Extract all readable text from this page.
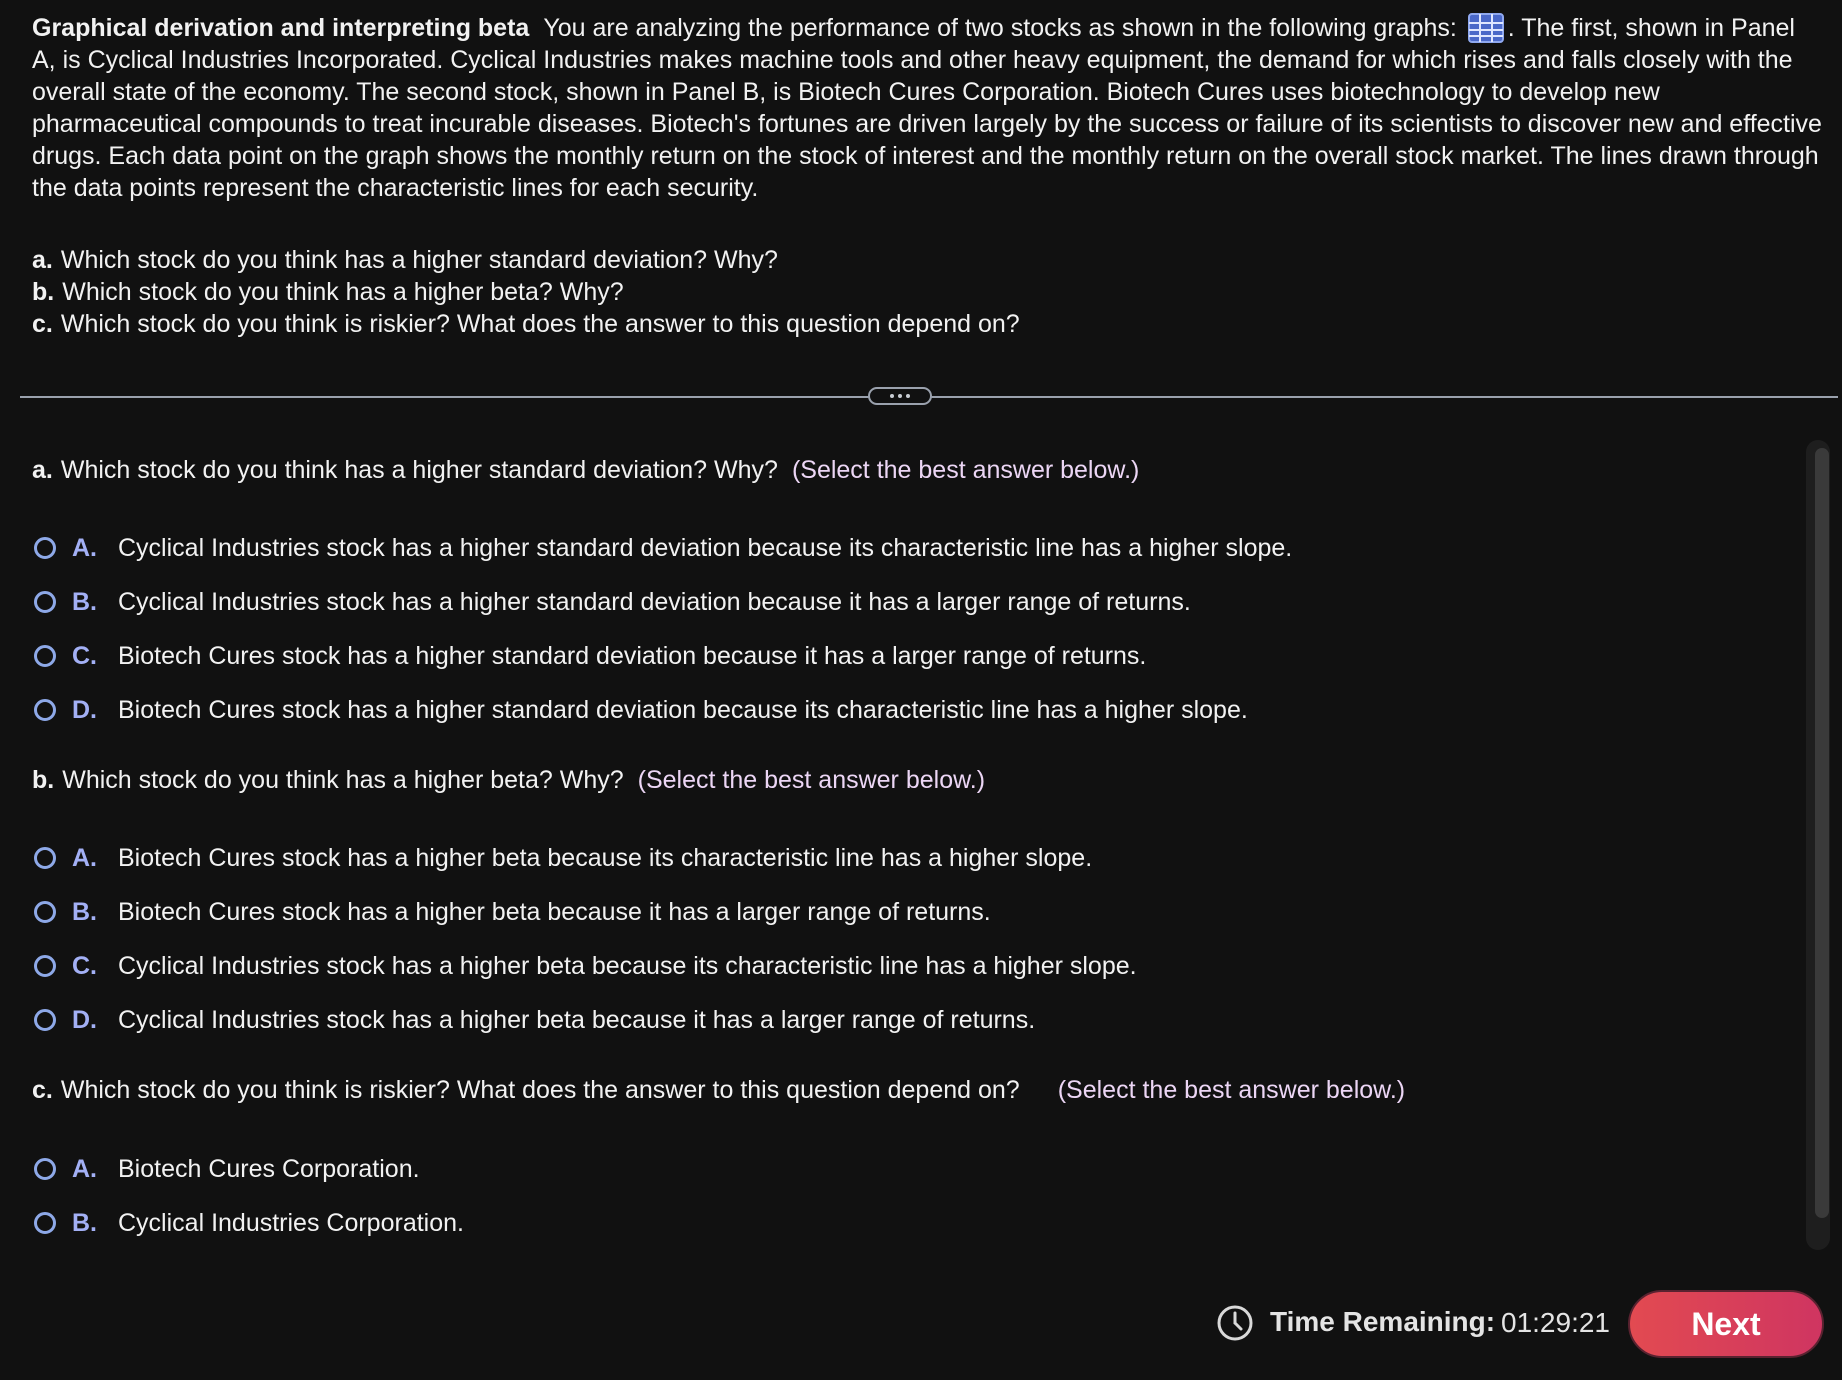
Graphical derivation and interpreting beta You are analyzing the performance of two stocks as shown in the following graphs: . The first, shown in Panel A, is Cyclical Industries Incorporated. Cyclical Industries makes machine tools and other heavy equipment, the demand for which rises and falls closely with the overall state of the economy. The second stock, shown in Panel B, is Biotech Cures Corporation. Biotech Cures uses biotechnology to develop new pharmaceutical compounds to treat incurable diseases. Biotech's fortunes are driven largely by the success or failure of its scientists to discover new and effective drugs. Each data point on the graph shows the monthly return on the stock of interest and the monthly return on the overall stock market. The lines drawn through the data points represent the characteristic lines for each security.
a. Which stock do you think has a higher standard deviation? Why?
b. Which stock do you think has a higher beta? Why?
c. Which stock do you think is riskier? What does the answer to this question depend on?
a. Which stock do you think has a higher standard deviation? Why? (Select the best answer below.)
A. Cyclical Industries stock has a higher standard deviation because its characteristic line has a higher slope.
B. Cyclical Industries stock has a higher standard deviation because it has a larger range of returns.
C. Biotech Cures stock has a higher standard deviation because it has a larger range of returns.
D. Biotech Cures stock has a higher standard deviation because its characteristic line has a higher slope.
b. Which stock do you think has a higher beta? Why? (Select the best answer below.)
A. Biotech Cures stock has a higher beta because its characteristic line has a higher slope.
B. Biotech Cures stock has a higher beta because it has a larger range of returns.
C. Cyclical Industries stock has a higher beta because its characteristic line has a higher slope.
D. Cyclical Industries stock has a higher beta because it has a larger range of returns.
c. Which stock do you think is riskier? What does the answer to this question depend on? (Select the best answer below.)
A. Biotech Cures Corporation.
B. Cyclical Industries Corporation.
Time Remaining: 01:29:21	Next
